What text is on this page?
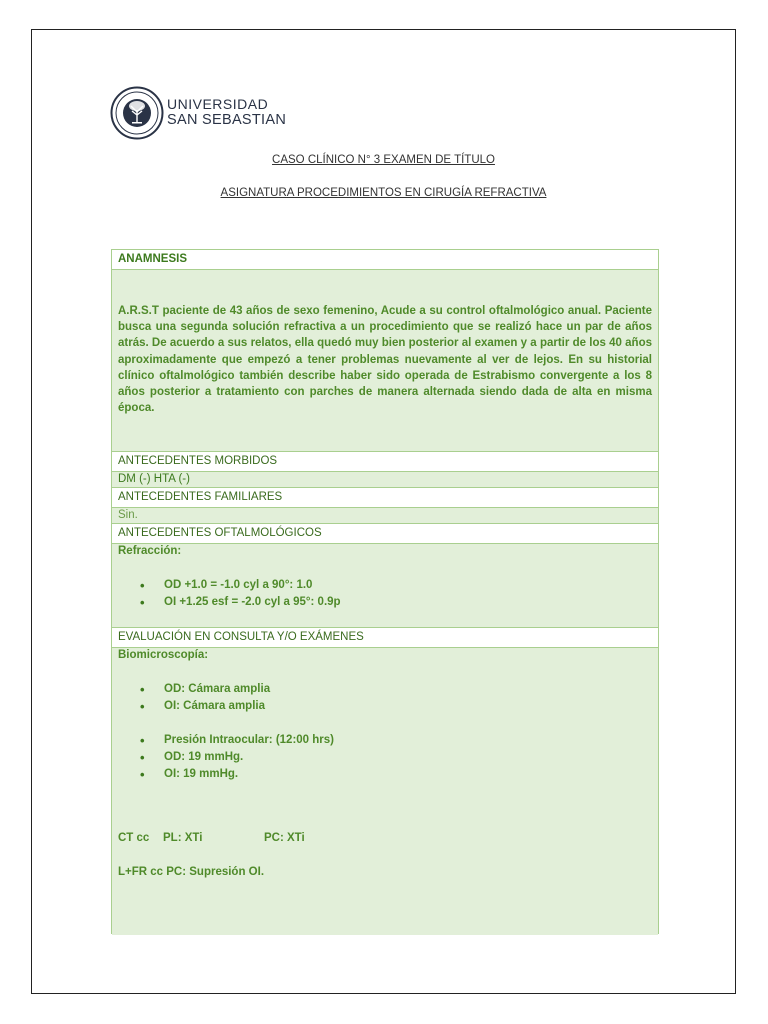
UNIVERSIDAD
SAN SEBASTIAN
CASO CLÍNICO N° 3 EXAMEN DE TÍTULO
ASIGNATURA PROCEDIMIENTOS EN CIRUGÍA REFRACTIVA
ANAMNESIS
A.R.S.T paciente de 43 años de sexo femenino, Acude a su control oftalmológico anual. Paciente busca una segunda solución refractiva a un procedimiento que se realizó hace un par de años atrás. De acuerdo a sus relatos, ella quedó muy bien posterior al examen y a partir de los 40 años aproximadamente que empezó a tener problemas nuevamente al ver de lejos. En su historial clínico oftalmológico también describe haber sido operada de Estrabismo convergente a los 8 años posterior a tratamiento con parches de manera alternada siendo dada de alta en misma época.
ANTECEDENTES MORBIDOS
DM (-) HTA (-)
ANTECEDENTES FAMILIARES
Sin.
ANTECEDENTES OFTALMOLÓGICOS
Refracción:
• OD +1.0 = -1.0 cyl a 90°: 1.0
• OI +1.25 esf = -2.0 cyl a 95°: 0.9p
EVALUACIÓN EN CONSULTA Y/O EXÁMENES
Biomicroscopía:
• OD: Cámara amplia
• OI: Cámara amplia
• Presión Intraocular: (12:00 hrs)
• OD: 19 mmHg.
• OI: 19 mmHg.
CT cc PL: XTi	PC: XTi
L+FR cc PC: Supresión OI.
